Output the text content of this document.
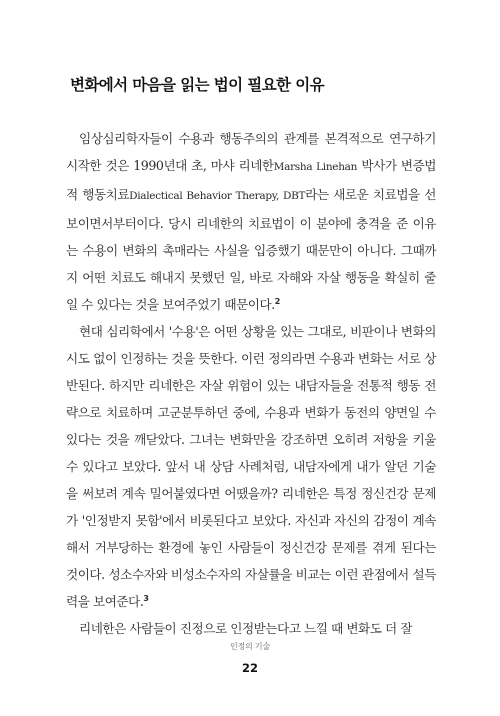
변화에서 마음을 읽는 법이 필요한 이유

임상심리학자들이 수용과 행동주의의 관계를 본격적으로 연구하기 시작한 것은 1990년대 초, 마샤 리네한Marsha Linehan 박사가 변증법적 행동치료Dialectical Behavior Therapy, DBT라는 새로운 치료법을 선보이면서부터이다. 당시 리네한의 치료법이 이 분야에 충격을 준 이유는 수용이 변화의 촉매라는 사실을 입증했기 때문만이 아니다. 그때까지 어떤 치료도 해내지 못했던 일, 바로 자해와 자살 행동을 확실히 줄일 수 있다는 것을 보여주었기 때문이다.$^2$

현대 심리학에서 '수용'은 어떤 상황을 있는 그대로, 비판이나 변화의 시도 없이 인정하는 것을 뜻한다. 이런 정의라면 수용과 변화는 서로 상반된다. 하지만 리네한은 자살 위험이 있는 내담자들을 전통적 행동 전략으로 치료하며 고군분투하던 중에, 수용과 변화가 동전의 양면일 수 있다는 것을 깨닫았다. 그녀는 변화만을 강조하면 오히려 저항을 키울 수 있다고 보았다. 앞서 내 상담 사례처럼, 내담자에게 내가 알던 기술을 써보려 계속 밀어붙였다면 어땠을까? 리네한은 특정 정신건강 문제가 '인정받지 못함'에서 비롯된다고 보았다. 자신과 자신의 감정이 계속해서 거부당하는 환경에 놓인 사람들이 정신건강 문제를 겪게 된다는 것이다. 성소수자와 비성소수자의 자살률을 비교는 이런 관점에서 설득력을 보여준다.$^3$

리네한은 사람들이 진정으로 인정받는다고 느낄 때 변화도 더 잘

인정의 기술
22
